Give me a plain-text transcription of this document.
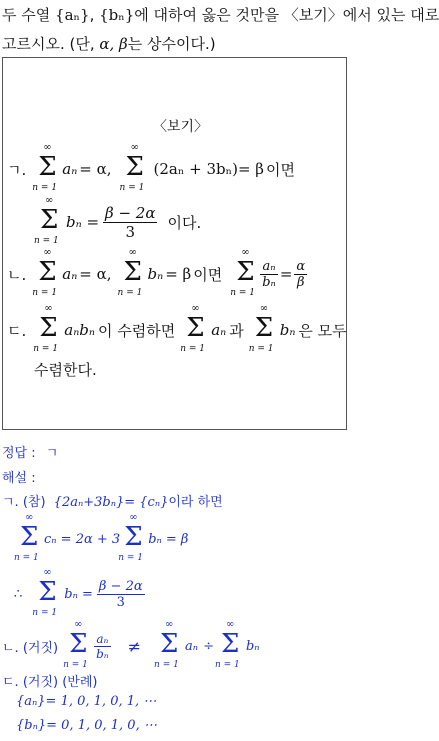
두 수열 {aₙ}, {bₙ}에 대하여 옳은 것만을 〈보기〉에서 있는 대로
고르시오. (단, α, β는 상수이다.)
〈보기〉
ㄱ.
∞
Σ
n = 1
aₙ = α,
∞
Σ
n = 1
(2aₙ + 3bₙ)= β 이면
∞
Σ
n = 1
$b_n = \frac{\beta - 2\alpha}{3}$ 이다.
ㄴ.
∞
Σ
n = 1
aₙ = α,
∞
Σ
n = 1
bₙ = β 이면
∞
Σ
n = 1
$\frac{\text{aₙ}}{\text{bₙ}} = \frac{\alpha}{\beta}$
ㄷ.
∞
Σ
n = 1
aₙbₙ 이 수렴하면
∞
Σ
n = 1
aₙ 과
∞
Σ
n = 1
bₙ 은 모두
수렴한다.
정답 : ㄱ
해설 :
ㄱ. (참) {2aₙ+3bₙ}= {cₙ}이라 하면
∞
Σ
n = 1
cₙ = 2α + 3
∞
Σ
n = 1
bₙ = β
∴
∞
Σ
n = 1
$b_n = \frac{\beta - 2\alpha}{3}$
ㄴ. (거짓)
∞
Σ
n = 1
$\frac{\text{aₙ}}{\text{bₙ}}$ ≠
∞
Σ
n = 1
aₙ ÷
∞
Σ
n = 1
bₙ
ㄷ. (거짓) (반례)
{aₙ}= 1, 0, 1, 0, 1, ⋯
{bₙ}= 0, 1, 0, 1, 0, ⋯
